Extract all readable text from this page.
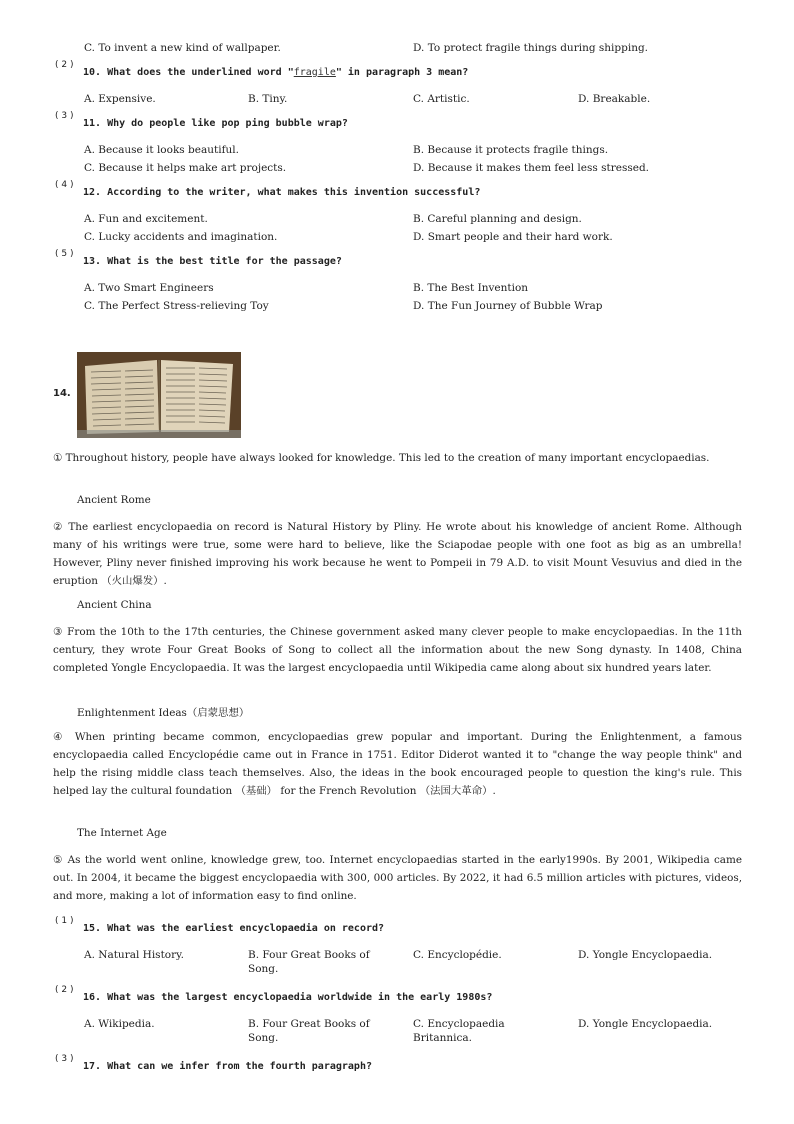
C. To invent a new kind of wallpaper.	D. To protect fragile things during shipping.
( 2 )
10. What does the underlined word "fragile" in paragraph 3 mean?
A. Expensive.	B. Tiny.	C. Artistic.	D. Breakable.
( 3 )
11. Why do people like pop ping bubble wrap?
A. Because it looks beautiful.	B. Because it protects fragile things.
C. Because it helps make art projects.	D. Because it makes them feel less stressed.
( 4 )
12. According to the writer, what makes this invention successful?
A. Fun and excitement.	B. Careful planning and design.
C. Lucky accidents and imagination.	D. Smart people and their hard work.
( 5 )
13. What is the best title for the passage?
A. Two Smart Engineers	B. The Best Invention
C. The Perfect Stress-relieving Toy	D. The Fun Journey of Bubble Wrap
14.
① Throughout history, people have always looked for knowledge. This led to the creation of many important encyclopaedias.
Ancient Rome
② The earliest encyclopaedia on record is Natural History by Pliny. He wrote about his knowledge of ancient Rome. Although many of his writings were true, some were hard to believe, like the Sciapodae people with one foot as big as an umbrella! However, Pliny never finished improving his work because he went to Pompeii in 79 A.D. to visit Mount Vesuvius and died in the eruption （火山爆发）.
Ancient China
③ From the 10th to the 17th centuries, the Chinese government asked many clever people to make encyclopaedias. In the 11th century, they wrote Four Great Books of Song to collect all the information about the new Song dynasty. In 1408, China completed Yongle Encyclopaedia. It was the largest encyclopaedia until Wikipedia came along about six hundred years later.
Enlightenment Ideas（启蒙思想）
④ When printing became common, encyclopaedias grew popular and important. During the Enlightenment, a famous encyclopaedia called Encyclopédie came out in France in 1751. Editor Diderot wanted it to "change the way people think" and help the rising middle class teach themselves. Also, the ideas in the book encouraged people to question the king's rule. This helped lay the cultural foundation （基础） for the French Revolution （法国大革命）.
The Internet Age
⑤ As the world went online, knowledge grew, too. Internet encyclopaedias started in the early1990s. By 2001, Wikipedia came out. In 2004, it became the biggest encyclopaedia with 300, 000 articles. By 2022, it had 6.5 million articles with pictures, videos, and more, making a lot of information easy to find online.
( 1 )
15. What was the earliest encyclopaedia on record?
A. Natural History.	B. Four Great Books of Song.
C. Encyclopédie.	D. Yongle Encyclopaedia.
( 2 )
16. What was the largest encyclopaedia worldwide in the early 1980s?
A. Wikipedia.	B. Four Great Books of Song.
C. Encyclopaedia Britannica.
D. Yongle Encyclopaedia.
( 3 )
17. What can we infer from the fourth paragraph?
